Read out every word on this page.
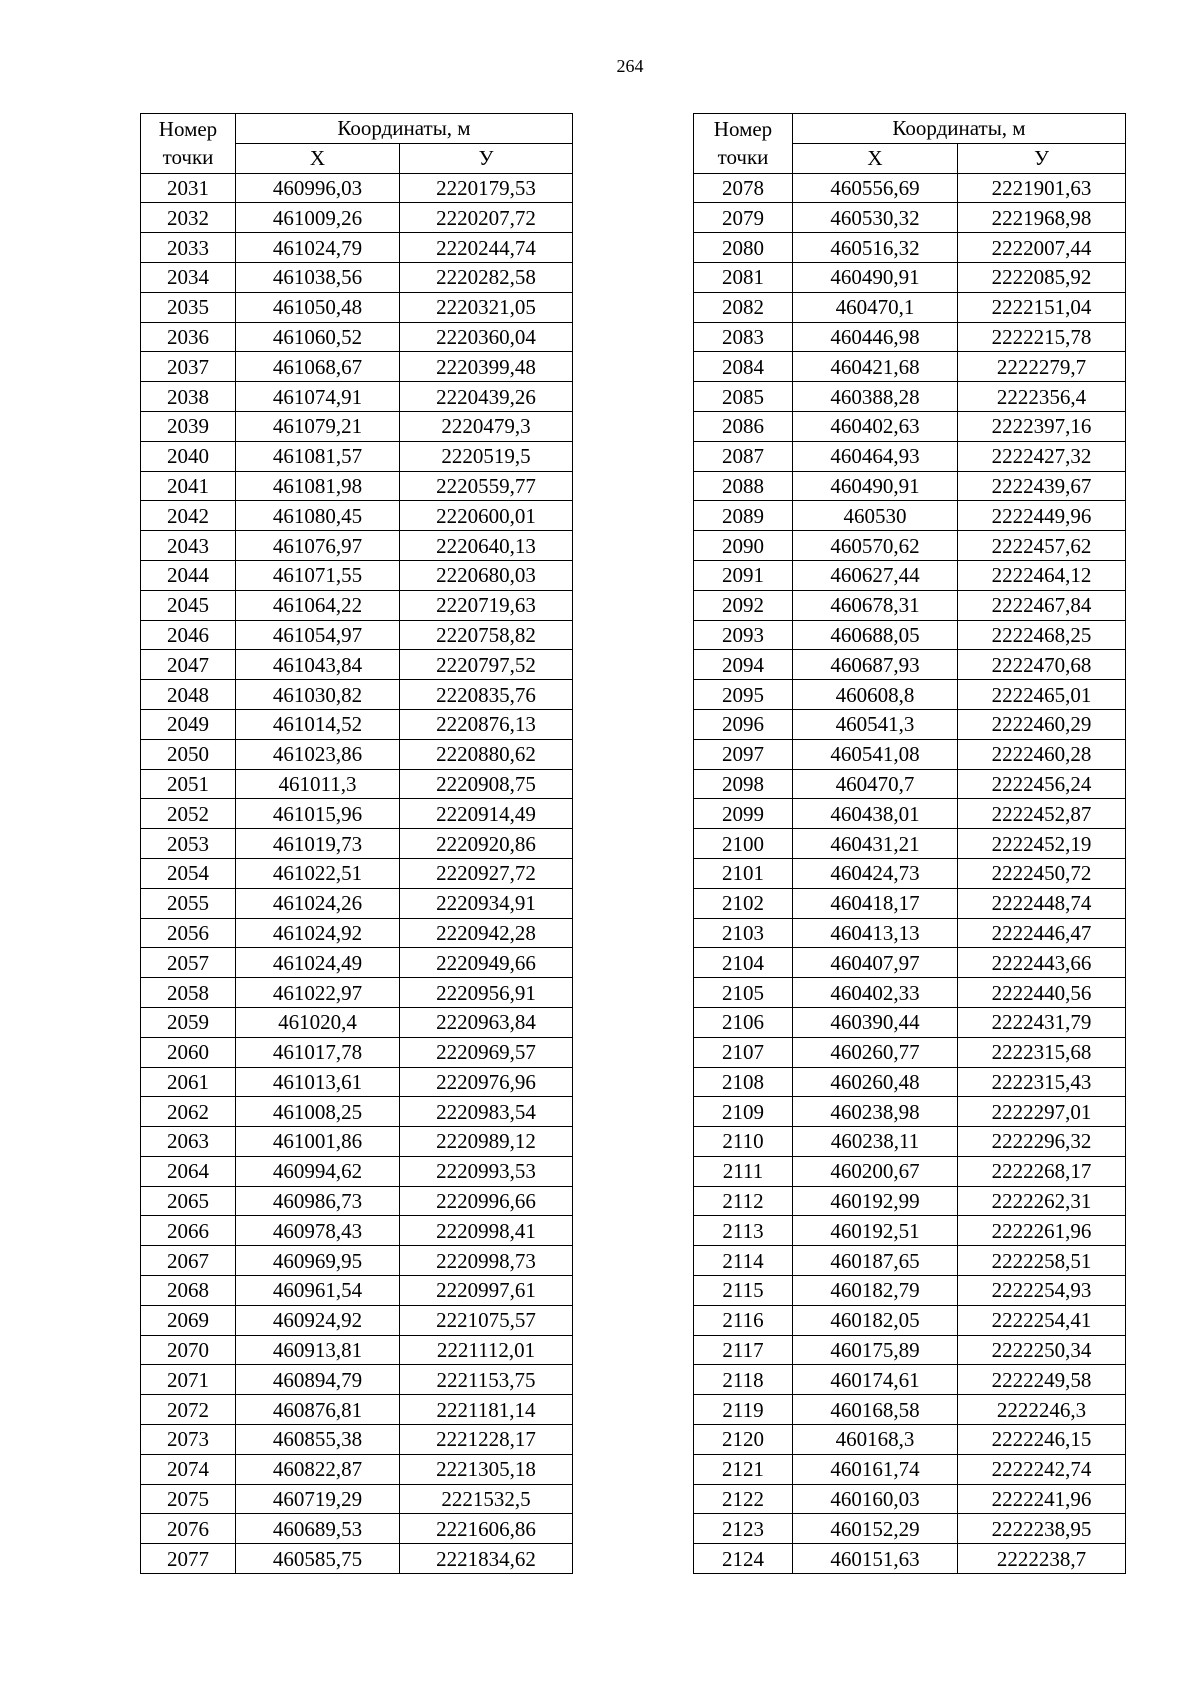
264
Номер
точки	Координаты, м	
	X	У
2031	460996,03	2220179,53
2032	461009,26	2220207,72
2033	461024,79	2220244,74
2034	461038,56	2220282,58
2035	461050,48	2220321,05
2036	461060,52	2220360,04
2037	461068,67	2220399,48
2038	461074,91	2220439,26
2039	461079,21	2220479,3
2040	461081,57	2220519,5
2041	461081,98	2220559,77
2042	461080,45	2220600,01
2043	461076,97	2220640,13
2044	461071,55	2220680,03
2045	461064,22	2220719,63
2046	461054,97	2220758,82
2047	461043,84	2220797,52
2048	461030,82	2220835,76
2049	461014,52	2220876,13
2050	461023,86	2220880,62
2051	461011,3	2220908,75
2052	461015,96	2220914,49
2053	461019,73	2220920,86
2054	461022,51	2220927,72
2055	461024,26	2220934,91
2056	461024,92	2220942,28
2057	461024,49	2220949,66
2058	461022,97	2220956,91
2059	461020,4	2220963,84
2060	461017,78	2220969,57
2061	461013,61	2220976,96
2062	461008,25	2220983,54
2063	461001,86	2220989,12
2064	460994,62	2220993,53
2065	460986,73	2220996,66
2066	460978,43	2220998,41
2067	460969,95	2220998,73
2068	460961,54	2220997,61
2069	460924,92	2221075,57
2070	460913,81	2221112,01
2071	460894,79	2221153,75
2072	460876,81	2221181,14
2073	460855,38	2221228,17
2074	460822,87	2221305,18
2075	460719,29	2221532,5
2076	460689,53	2221606,86
2077	460585,75	2221834,62
Номер
точки	Координаты, м	
	X	У
2078	460556,69	2221901,63
2079	460530,32	2221968,98
2080	460516,32	2222007,44
2081	460490,91	2222085,92
2082	460470,1	2222151,04
2083	460446,98	2222215,78
2084	460421,68	2222279,7
2085	460388,28	2222356,4
2086	460402,63	2222397,16
2087	460464,93	2222427,32
2088	460490,91	2222439,67
2089	460530	2222449,96
2090	460570,62	2222457,62
2091	460627,44	2222464,12
2092	460678,31	2222467,84
2093	460688,05	2222468,25
2094	460687,93	2222470,68
2095	460608,8	2222465,01
2096	460541,3	2222460,29
2097	460541,08	2222460,28
2098	460470,7	2222456,24
2099	460438,01	2222452,87
2100	460431,21	2222452,19
2101	460424,73	2222450,72
2102	460418,17	2222448,74
2103	460413,13	2222446,47
2104	460407,97	2222443,66
2105	460402,33	2222440,56
2106	460390,44	2222431,79
2107	460260,77	2222315,68
2108	460260,48	2222315,43
2109	460238,98	2222297,01
2110	460238,11	2222296,32
2111	460200,67	2222268,17
2112	460192,99	2222262,31
2113	460192,51	2222261,96
2114	460187,65	2222258,51
2115	460182,79	2222254,93
2116	460182,05	2222254,41
2117	460175,89	2222250,34
2118	460174,61	2222249,58
2119	460168,58	2222246,3
2120	460168,3	2222246,15
2121	460161,74	2222242,74
2122	460160,03	2222241,96
2123	460152,29	2222238,95
2124	460151,63	2222238,7
